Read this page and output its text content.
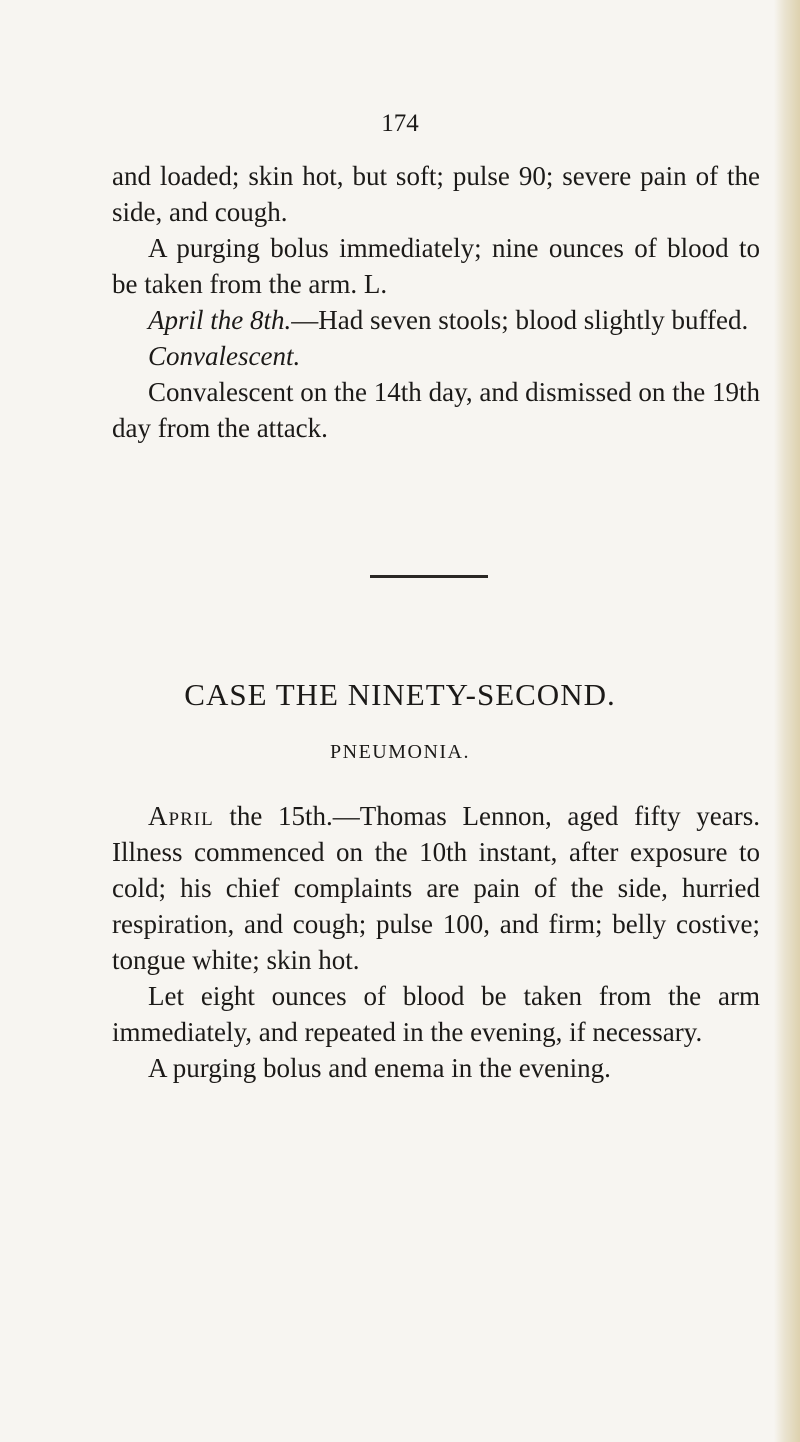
174

and loaded; skin hot, but soft; pulse 90; severe pain of the side, and cough.

A purging bolus immediately; nine ounces of blood to be taken from the arm. L.

April the 8th.—Had seven stools; blood slightly buffed.

Convalescent.

Convalescent on the 14th day, and dismissed on the 19th day from the attack.

CASE THE NINETY-SECOND.
PNEUMONIA.

April the 15th.—Thomas Lennon, aged fifty years. Illness commenced on the 10th instant, after exposure to cold; his chief complaints are pain of the side, hurried respiration, and cough; pulse 100, and firm; belly costive; tongue white; skin hot.

Let eight ounces of blood be taken from the arm immediately, and repeated in the evening, if necessary.

A purging bolus and enema in the evening.
